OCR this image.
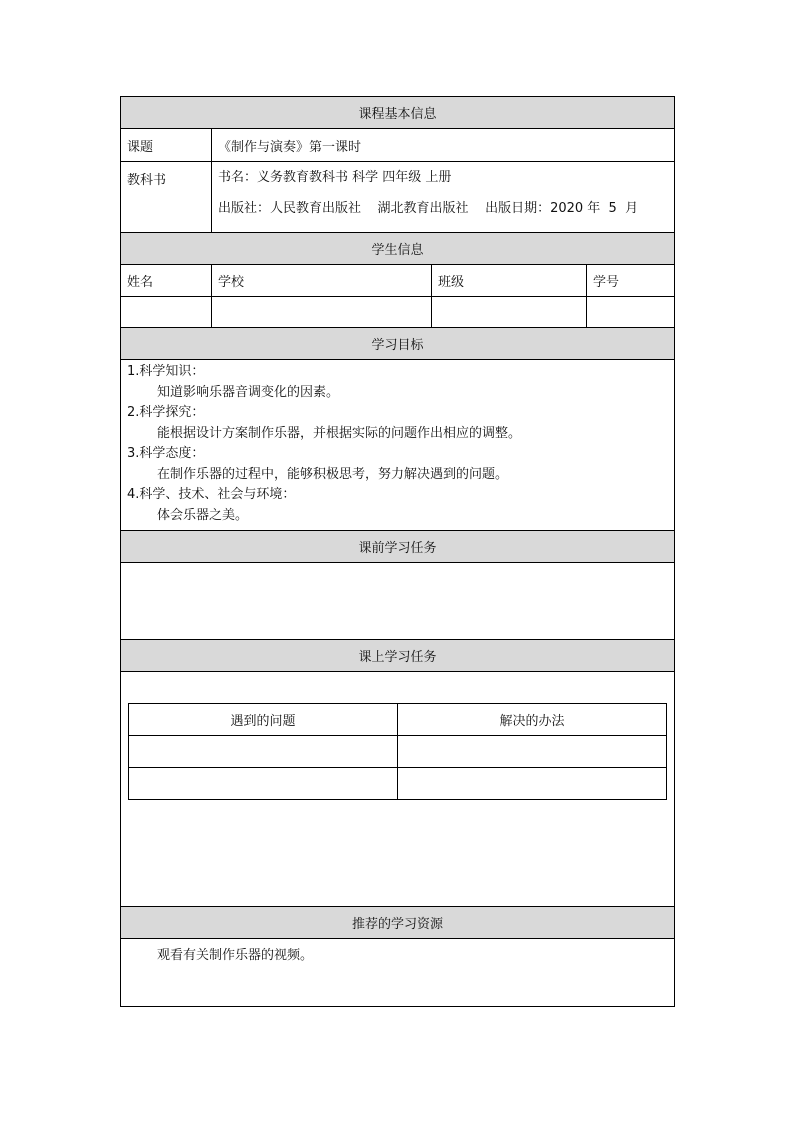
课程基本信息
课题	《制作与演奏》第一课时
教科书	书名：义务教育教科书 科学 四年级 上册
出版社：人民教育出版社    湖北教育出版社 出版日期：2020 年  5  月

学生信息
姓名	学校	班级	学号

学习目标

1.科学知识：
知道影响乐器音调变化的因素。
2.科学探究：
能根据设计方案制作乐器，并根据实际的问题作出相应的调整。
3.科学态度：
在制作乐器的过程中，能够积极思考，努力解决遇到的问题。
4.科学、技术、社会与环境：
体会乐器之美。

课前学习任务

课上学习任务

遇到的问题	解决的办法

推荐的学习资源
观看有关制作乐器的视频。
